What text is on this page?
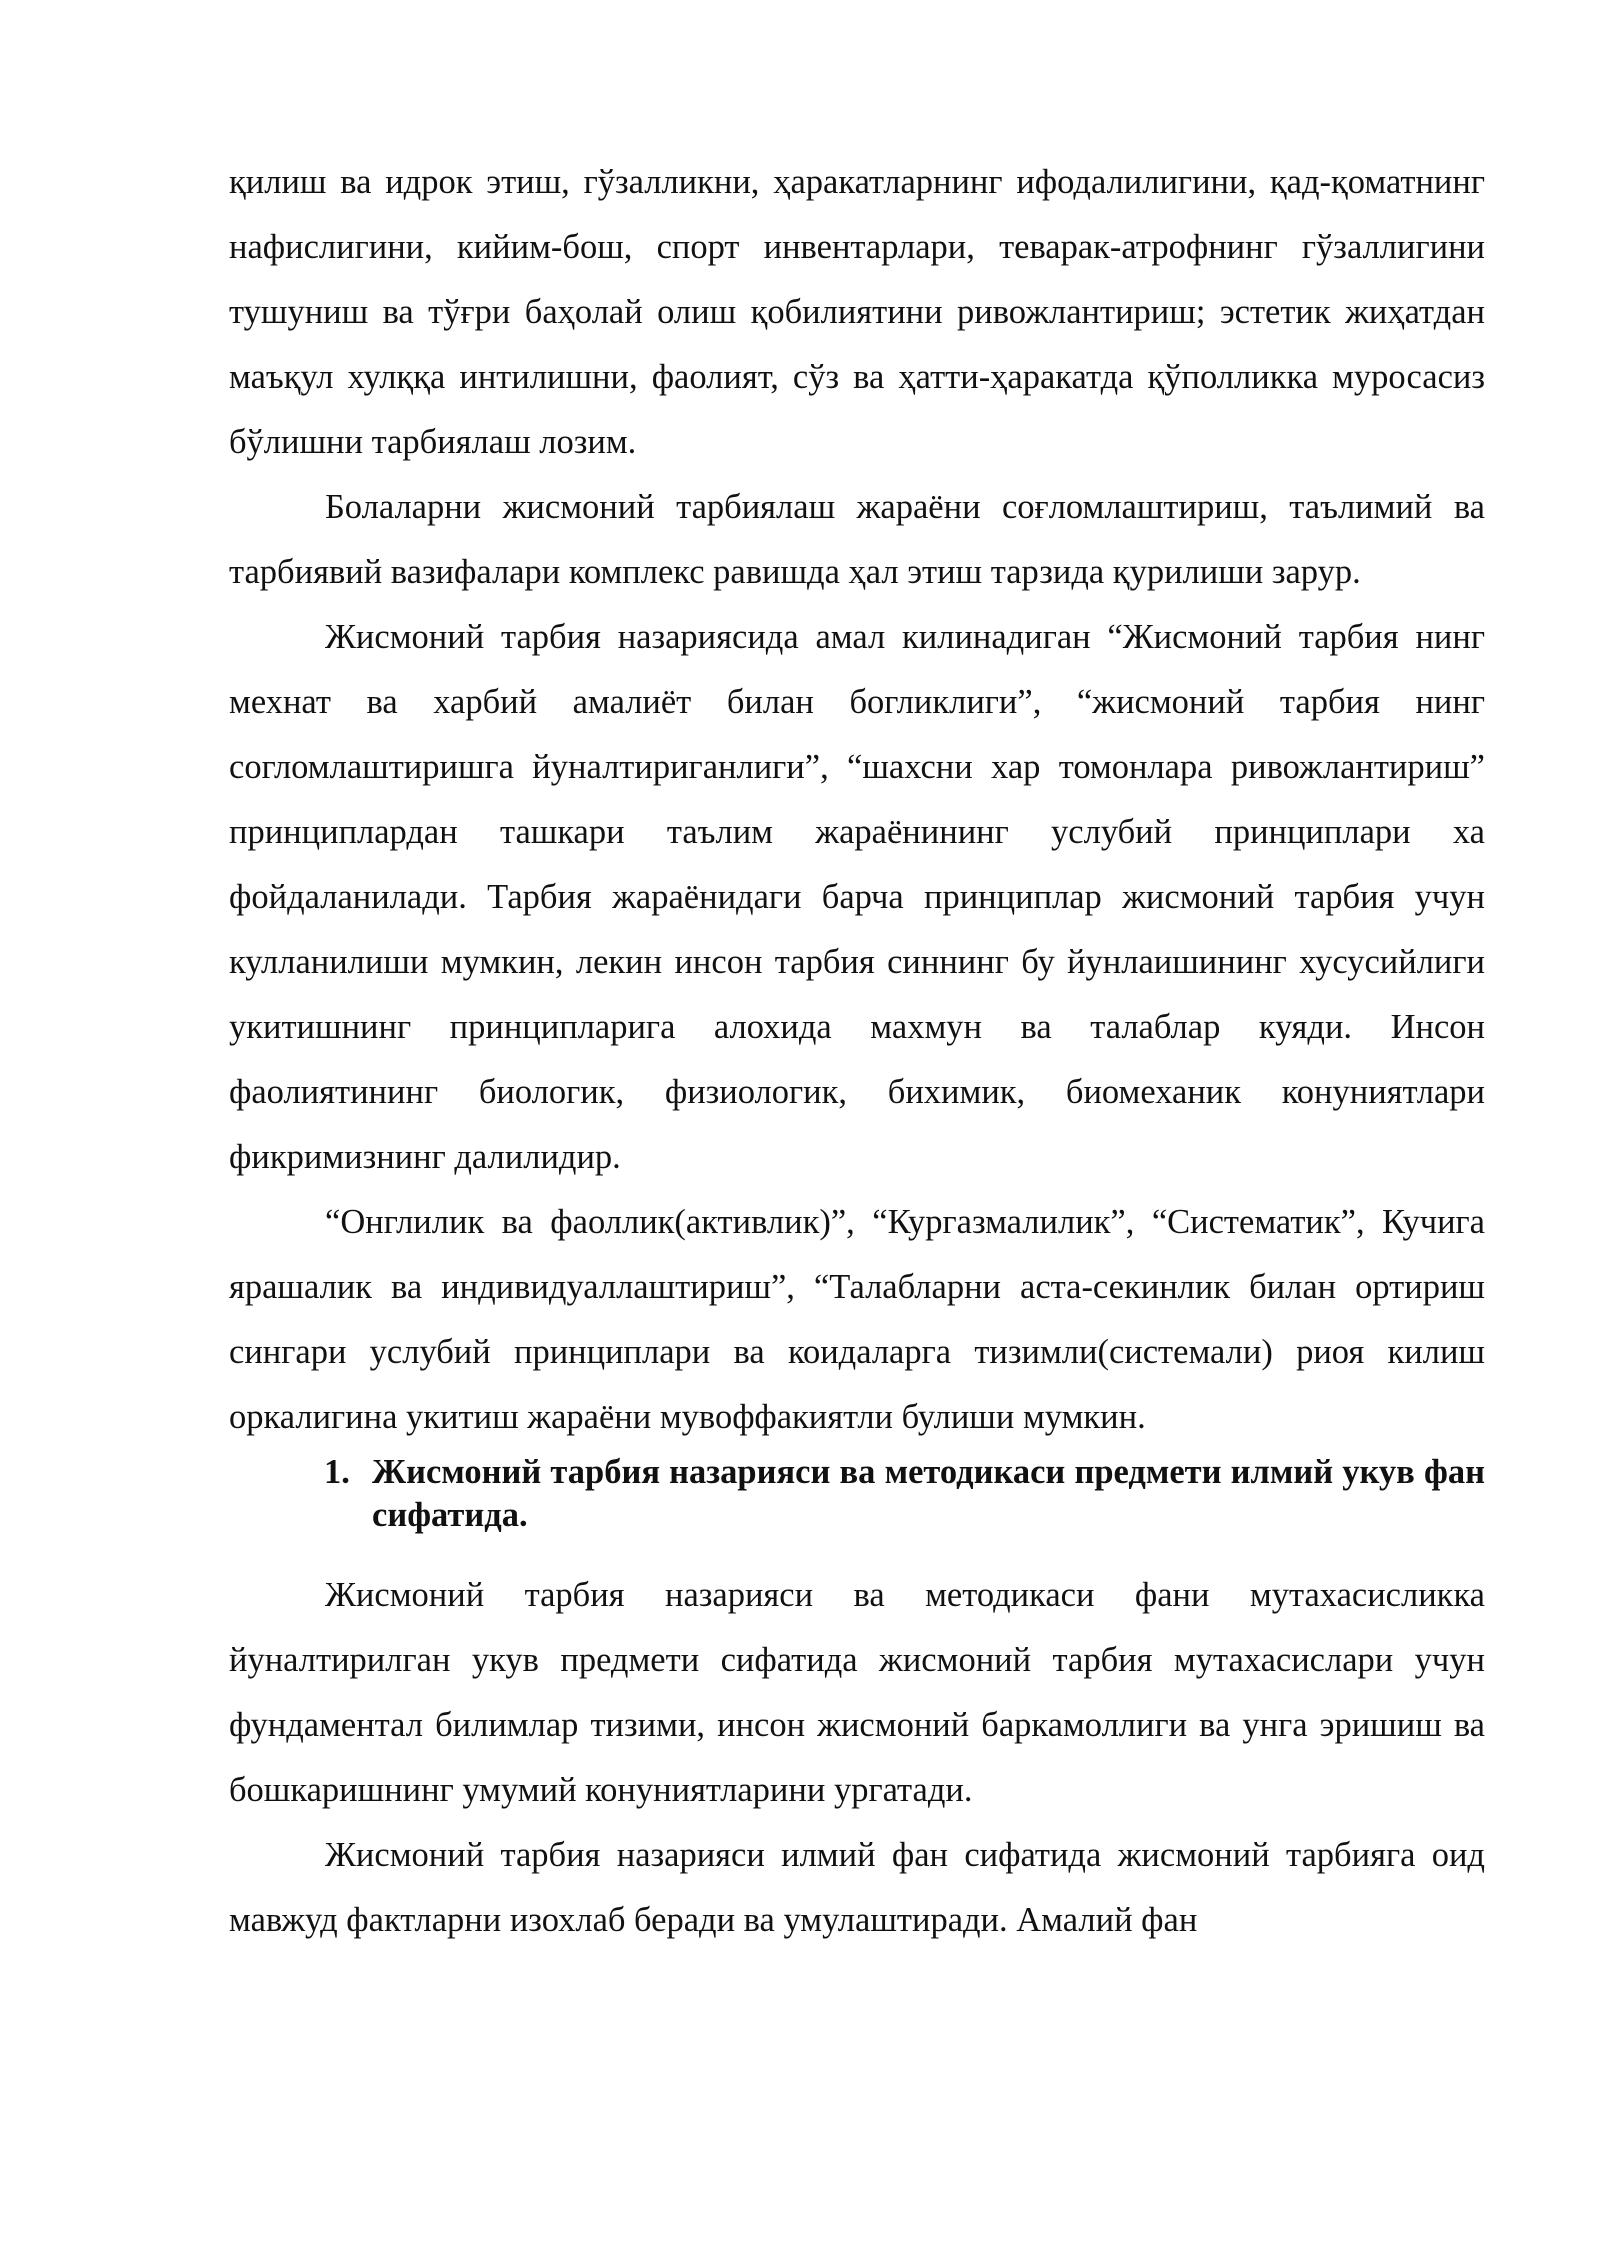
қилиш ва идрок этиш, гўзалликни, ҳаракатларнинг ифодалилигини, қад-қоматнинг нафислигини, кийим-бош, спорт инвентарлари, теварак-атрофнинг гўзаллигини тушуниш ва тўғри баҳолай олиш қобилиятини ривожлантириш; эстетик жиҳатдан маъқул хулққа интилишни, фаолият, сўз ва ҳатти-ҳаракатда қўполликка муросасиз бўлишни тарбиялаш лозим.

Болаларни жисмоний тарбиялаш жараёни соғломлаштириш, таълимий ва тарбиявий вазифалари комплекс равишда ҳал этиш тарзида қурилиши зарур.

Жисмоний тарбия назариясида амал килинадиган “Жисмоний тарбия нинг мехнат ва харбий амалиёт билан богликлиги”, “жисмоний тарбия нинг согломлаштиришга йуналтириганлиги”, “шахсни хар томонлара ривожлантириш” принциплардан ташкари таълим жараёнининг услубий принциплари ха фойдаланилади. Тарбия жараёнидаги барча принциплар жисмоний тарбия учун кулланилиши мумкин, лекин инсон тарбия синнинг бу йунлаишининг хусусийлиги укитишнинг принципларига алохида махмун ва талаблар куяди. Инсон фаолиятининг биологик, физиологик, бихимик, биомеханик конуниятлари фикримизнинг далилидир.

“Онглилик ва фаоллик(активлик)”, “Кургазмалилик”, “Систематик”, Кучига ярашалик ва индивидуаллаштириш”, “Талабларни аста-секинлик билан ортириш сингари услубий принциплари ва коидаларга тизимли(системали) риоя килиш оркалигина укитиш жараёни мувоффакиятли булиши мумкин.

1. Жисмоний тарбия назарияси ва методикаси предмети илмий укув фан сифатида.

Жисмоний тарбия назарияси ва методикаси фани мутахасисликка йуналтирилган укув предмети сифатида жисмоний тарбия мутахасислари учун фундаментал билимлар тизими, инсон жисмоний баркамоллиги ва унга эришиш ва бошкаришнинг умумий конуниятларини ургатади.

Жисмоний тарбия назарияси илмий фан сифатида жисмоний тарбияга оид мавжуд фактларни изохлаб беради ва умулаштиради. Амалий фан
